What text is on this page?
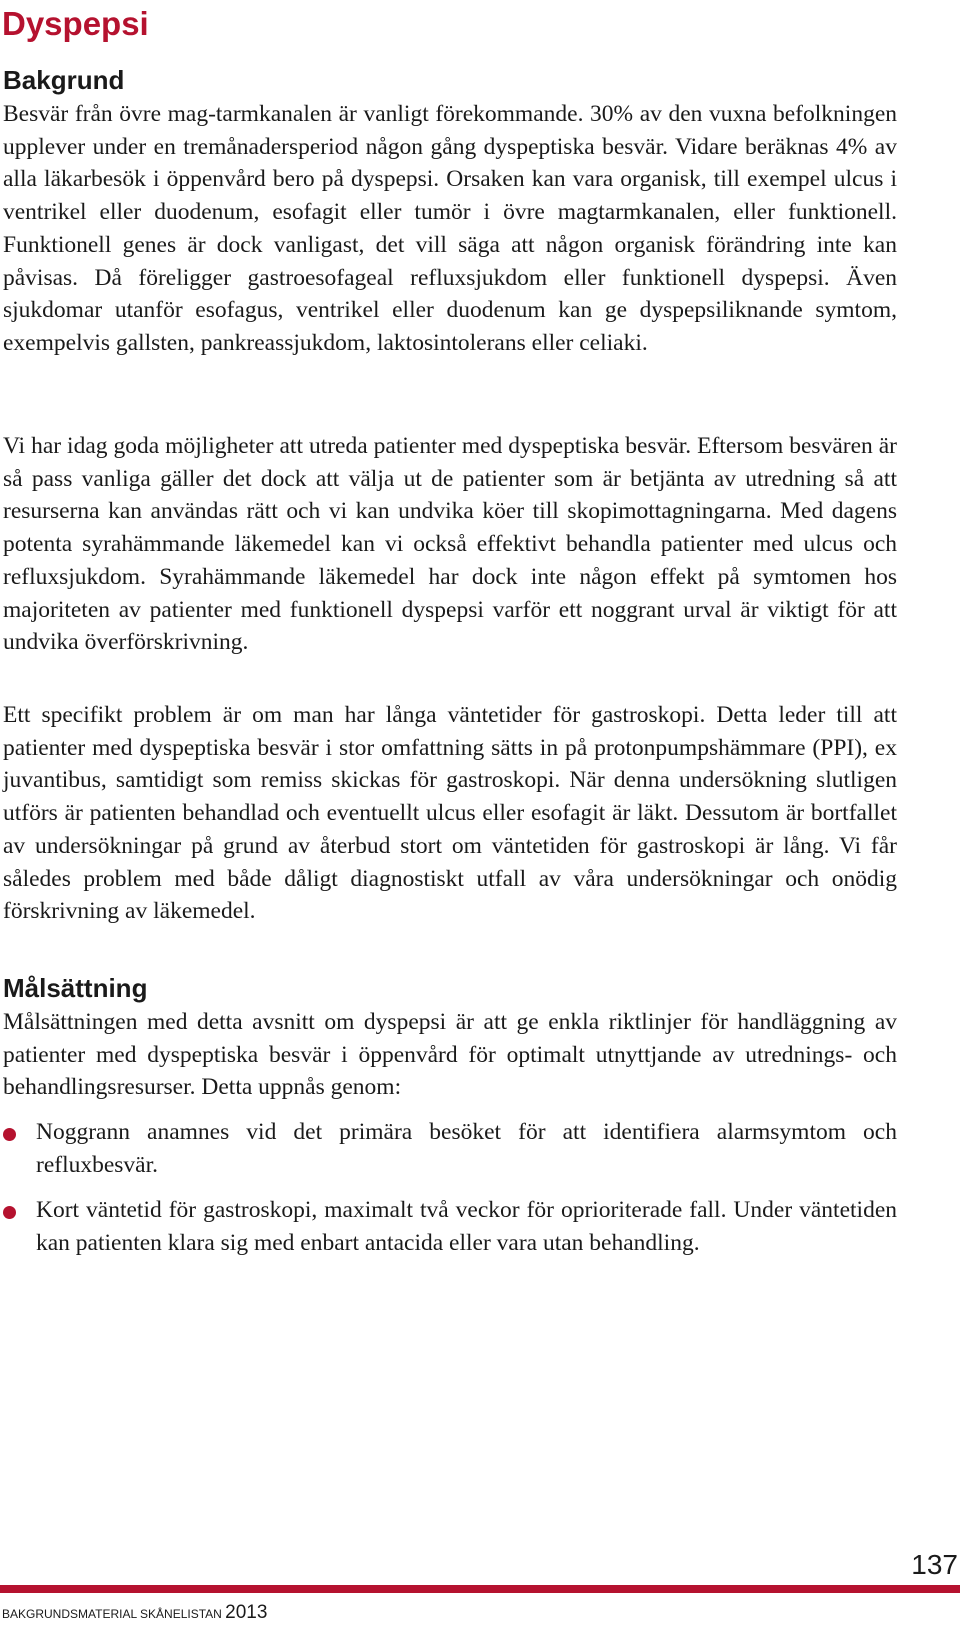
Dyspepsi
Bakgrund

Besvär från övre mag-tarmkanalen är vanligt förekommande. 30% av den vuxna befolkningen upplever under en tremånadersperiod någon gång dyspeptiska besvär. Vidare beräknas 4% av alla läkarbesök i öppenvård bero på dyspepsi. Orsaken kan vara organisk, till exempel ulcus i ventrikel eller duodenum, esofagit eller tumör i övre magtarmkanalen, eller funktionell. Funktionell genes är dock vanligast, det vill säga att någon organisk förändring inte kan påvisas. Då föreligger gastroesofageal refluxsjukdom eller funktionell dyspepsi. Även sjukdomar utanför esofagus, ventrikel eller duodenum kan ge dyspepsiliknande symtom, exempelvis gallsten, pankreassjukdom, laktosintolerans eller celiaki.

Vi har idag goda möjligheter att utreda patienter med dyspeptiska besvär. Eftersom besvären är så pass vanliga gäller det dock att välja ut de patienter som är betjänta av utredning så att resurserna kan användas rätt och vi kan undvika köer till skopimottagningarna. Med dagens potenta syrahämmande läkemedel kan vi också effektivt behandla patienter med ulcus och refluxsjukdom. Syrahämmande läkemedel har dock inte någon effekt på symtomen hos majoriteten av patienter med funktionell dyspepsi varför ett noggrant urval är viktigt för att undvika överförskrivning.

Ett specifikt problem är om man har långa väntetider för gastroskopi. Detta leder till att patienter med dyspeptiska besvär i stor omfattning sätts in på protonpumpshämmare (PPI), ex juvantibus, samtidigt som remiss skickas för gastroskopi. När denna undersökning slutligen utförs är patienten behandlad och eventuellt ulcus eller esofagit är läkt. Dessutom är bortfallet av undersökningar på grund av återbud stort om väntetiden för gastroskopi är lång. Vi får således problem med både dåligt diagnostiskt utfall av våra undersökningar och onödig förskrivning av läkemedel.

Målsättning

Målsättningen med detta avsnitt om dyspepsi är att ge enkla riktlinjer för handläggning av patienter med dyspeptiska besvär i öppenvård för optimalt utnyttjande av utrednings- och behandlingsresurser. Detta uppnås genom:

Noggrann anamnes vid det primära besöket för att identifiera alarmsymtom och refluxbesvär.

Kort väntetid för gastroskopi, maximalt två veckor för oprioriterade fall. Under väntetiden kan patienten klara sig med enbart antacida eller vara utan behandling.

137
BAKGRUNDSMATERIAL SKÅNELISTAN 2013
